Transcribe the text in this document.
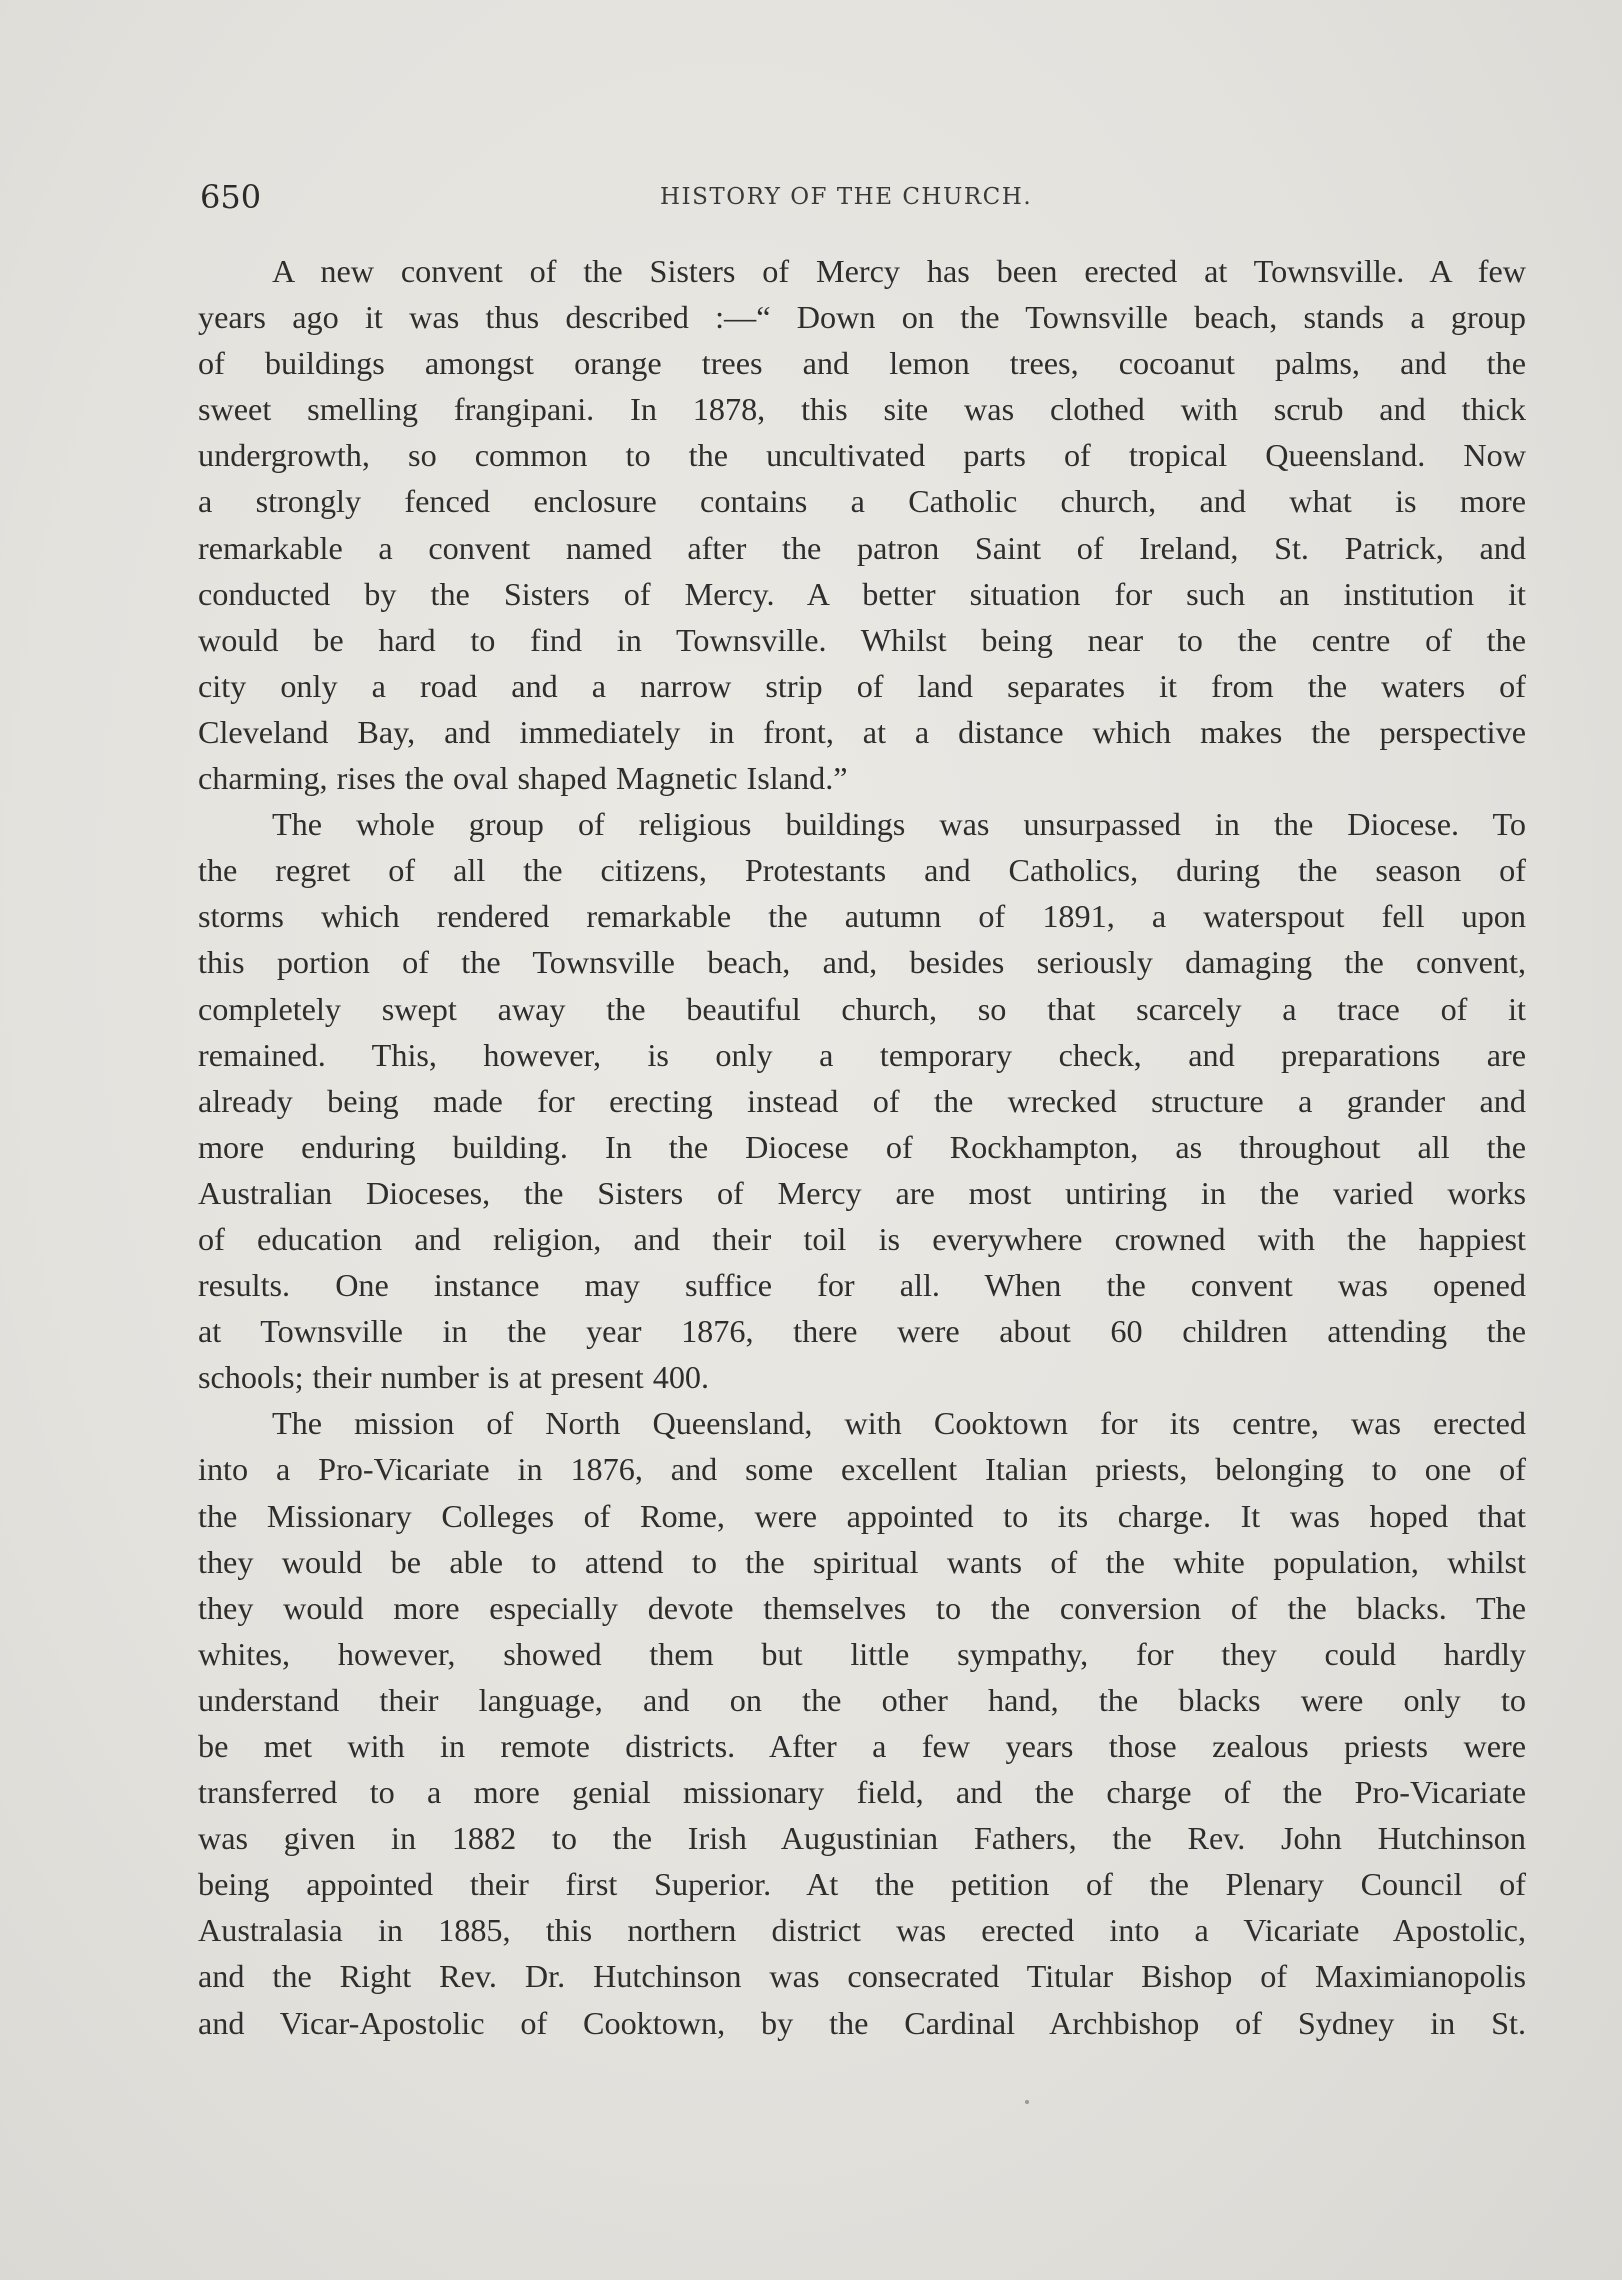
650	HISTORY OF THE CHURCH.

A new convent of the Sisters of Mercy has been erected at Townsville. A few

years ago it was thus described :—“ Down on the Townsville beach, stands a group

of buildings amongst orange trees and lemon trees, cocoanut palms, and the

sweet smelling frangipani. In 1878, this site was clothed with scrub and thick

undergrowth, so common to the uncultivated parts of tropical Queensland. Now

a strongly fenced enclosure contains a Catholic church, and what is more

remarkable a convent named after the patron Saint of Ireland, St. Patrick, and

conducted by the Sisters of Mercy. A better situation for such an institution it

would be hard to find in Townsville. Whilst being near to the centre of the

city only a road and a narrow strip of land separates it from the waters of

Cleveland Bay, and immediately in front, at a distance which makes the perspective

charming, rises the oval shaped Magnetic Island.”

The whole group of religious buildings was unsurpassed in the Diocese. To

the regret of all the citizens, Protestants and Catholics, during the season of

storms which rendered remarkable the autumn of 1891, a waterspout fell upon

this portion of the Townsville beach, and, besides seriously damaging the convent,

completely swept away the beautiful church, so that scarcely a trace of it

remained. This, however, is only a temporary check, and preparations are

already being made for erecting instead of the wrecked structure a grander and

more enduring building. In the Diocese of Rockhampton, as throughout all the

Australian Dioceses, the Sisters of Mercy are most untiring in the varied works

of education and religion, and their toil is everywhere crowned with the happiest

results. One instance may suffice for all. When the convent was opened

at Townsville in the year 1876, there were about 60 children attending the

schools; their number is at present 400.

The mission of North Queensland, with Cooktown for its centre, was erected

into a Pro-Vicariate in 1876, and some excellent Italian priests, belonging to one of

the Missionary Colleges of Rome, were appointed to its charge. It was hoped that

they would be able to attend to the spiritual wants of the white population, whilst

they would more especially devote themselves to the conversion of the blacks. The

whites, however, showed them but little sympathy, for they could hardly

understand their language, and on the other hand, the blacks were only to

be met with in remote districts. After a few years those zealous priests were

transferred to a more genial missionary field, and the charge of the Pro-Vicariate

was given in 1882 to the Irish Augustinian Fathers, the Rev. John Hutchinson

being appointed their first Superior. At the petition of the Plenary Council of

Australasia in 1885, this northern district was erected into a Vicariate Apostolic,

and the Right Rev. Dr. Hutchinson was consecrated Titular Bishop of Maximianopolis

and Vicar-Apostolic of Cooktown, by the Cardinal Archbishop of Sydney in St.
